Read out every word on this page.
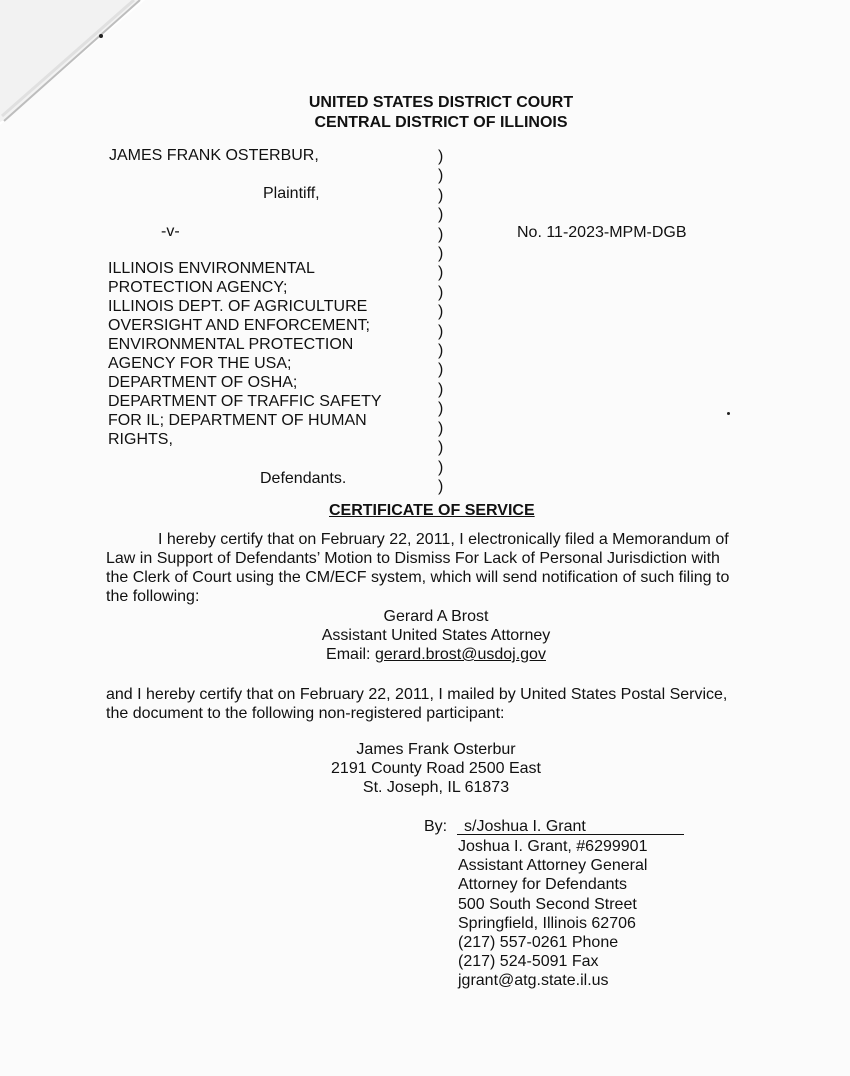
UNITED STATES DISTRICT COURT
CENTRAL DISTRICT OF ILLINOIS
JAMES FRANK OSTERBUR,
Plaintiff,
-v-	No. 11-2023-MPM-DGB
ILLINOIS ENVIRONMENTAL
PROTECTION AGENCY;
ILLINOIS DEPT. OF AGRICULTURE
OVERSIGHT AND ENFORCEMENT;
ENVIRONMENTAL PROTECTION
AGENCY FOR THE USA;
DEPARTMENT OF OSHA;
DEPARTMENT OF TRAFFIC SAFETY
FOR IL; DEPARTMENT OF HUMAN
RIGHTS,
Defendants.
)
)
)
)
)
)
)
)
)
)
)
)
)
)
)
)
)
)
CERTIFICATE OF SERVICE
I hereby certify that on February 22, 2011, I electronically filed a Memorandum of
Law in Support of Defendants’ Motion to Dismiss For Lack of Personal Jurisdiction with
the Clerk of Court using the CM/ECF system, which will send notification of such filing to
the following:
Gerard A Brost
Assistant United States Attorney
Email: gerard.brost@usdoj.gov
and I hereby certify that on February 22, 2011, I mailed by United States Postal Service,
the document to the following non-registered participant:
James Frank Osterbur
2191 County Road 2500 East
St. Joseph, IL 61873
By: s/Joshua I. Grant
Joshua I. Grant, #6299901
Assistant Attorney General
Attorney for Defendants
500 South Second Street
Springfield, Illinois 62706
(217) 557-0261 Phone
(217) 524-5091 Fax
jgrant@atg.state.il.us
